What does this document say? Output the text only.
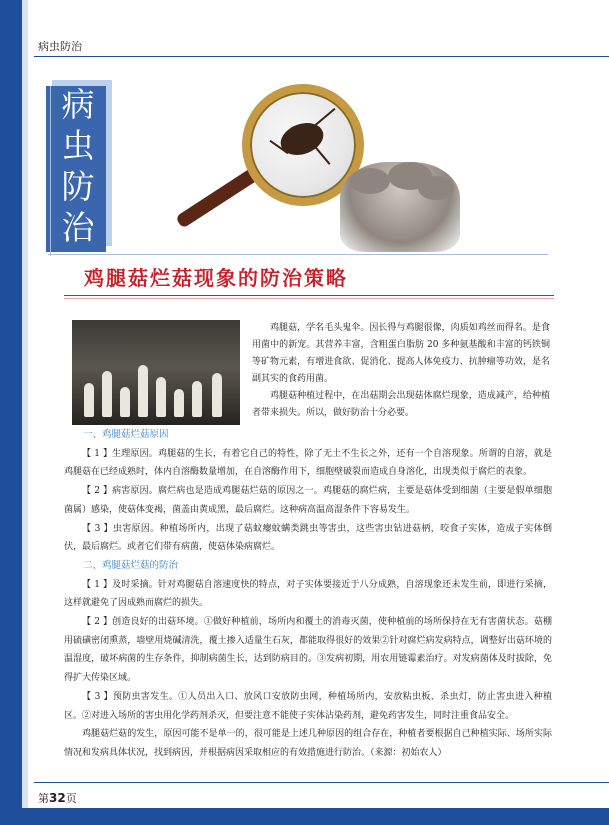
病虫防治
病
虫
防
治
鸡腿菇烂菇现象的防治策略

鸡腿菇，学名毛头鬼伞。因长得与鸡腿很像，肉质如鸡丝而得名。是食用菌中的新宠。其营养丰富，含粗蛋白脂肪 20 多种氨基酸和丰富的钙铁铜等矿物元素，有增进食欲、促消化、提高人体免疫力、抗肿瘤等功效，是名副其实的食药用菌。

鸡腿菇种植过程中，在出菇期会出现菇体腐烂现象，造成减产，给种植者带来损失。所以，做好防治十分必要。

一、鸡腿菇烂菇原因

【 1 】生理原因。鸡腿菇的生长，有着它自己的特性，除了无土不生长之外，还有一个自溶现象。所谓的自溶，就是鸡腿菇在已经成熟时，体内自溶酶数量增加，在自溶酶作用下，细胞壁破裂而造成自身溶化，出现类似于腐烂的表象。

【 2 】病害原因。腐烂病也是造成鸡腿菇烂菇的原因之一。鸡腿菇的腐烂病，主要是菇体受到细菌（主要是假单细胞菌属）感染，使菇体变褐，菌盖由黄成黑，最后腐烂。这种病高温高湿条件下容易发生。

【 3 】虫害原因。种植场所内，出现了菇蚊瘿蚊螨类跳虫等害虫，这些害虫钻进菇柄，咬食子实体，造成子实体倒伏，最后腐烂。或者它们带有病菌，使菇体染病腐烂。

二、鸡腿菇烂菇的防治

【 1 】及时采摘。针对鸡腿菇自溶速度快的特点，对子实体要接近于八分成熟，自溶现象还未发生前，即进行采摘，这样就避免了因成熟而腐烂的损失。

【 2 】创造良好的出菇环境。①做好种植前，场所内和覆土的消毒灭菌，使种植前的场所保持在无有害菌状态。菇棚用硫磺密闭熏蒸，墙壁用烧碱清洗，覆土掺入适量生石灰，都能取得很好的效果②针对腐烂病发病特点，调整好出菇环境的温湿度，破坏病菌的生存条件，抑制病菌生长，达到防病目的。③发病初期，用农用链霉素治疗。对发病菌体及时拔除，免得扩大传染区域。

【 3 】预防虫害发生。①人员出入口、放风口安放防虫网，种植场所内，安放粘虫板、杀虫灯，防止害虫进入种植区。②对进入场所的害虫用化学药剂杀灭，但要注意不能使子实体沾染药剂，避免药害发生，同时注重食品安全。

鸡腿菇烂菇的发生，原因可能不是单一的，很可能是上述几种原因的组合存在，种植者要根据自己种植实际、场所实际情况和发病具体状况，找到病因，并根据病因采取相应的有效措施进行防治。（来源：初始农人）

第32页
